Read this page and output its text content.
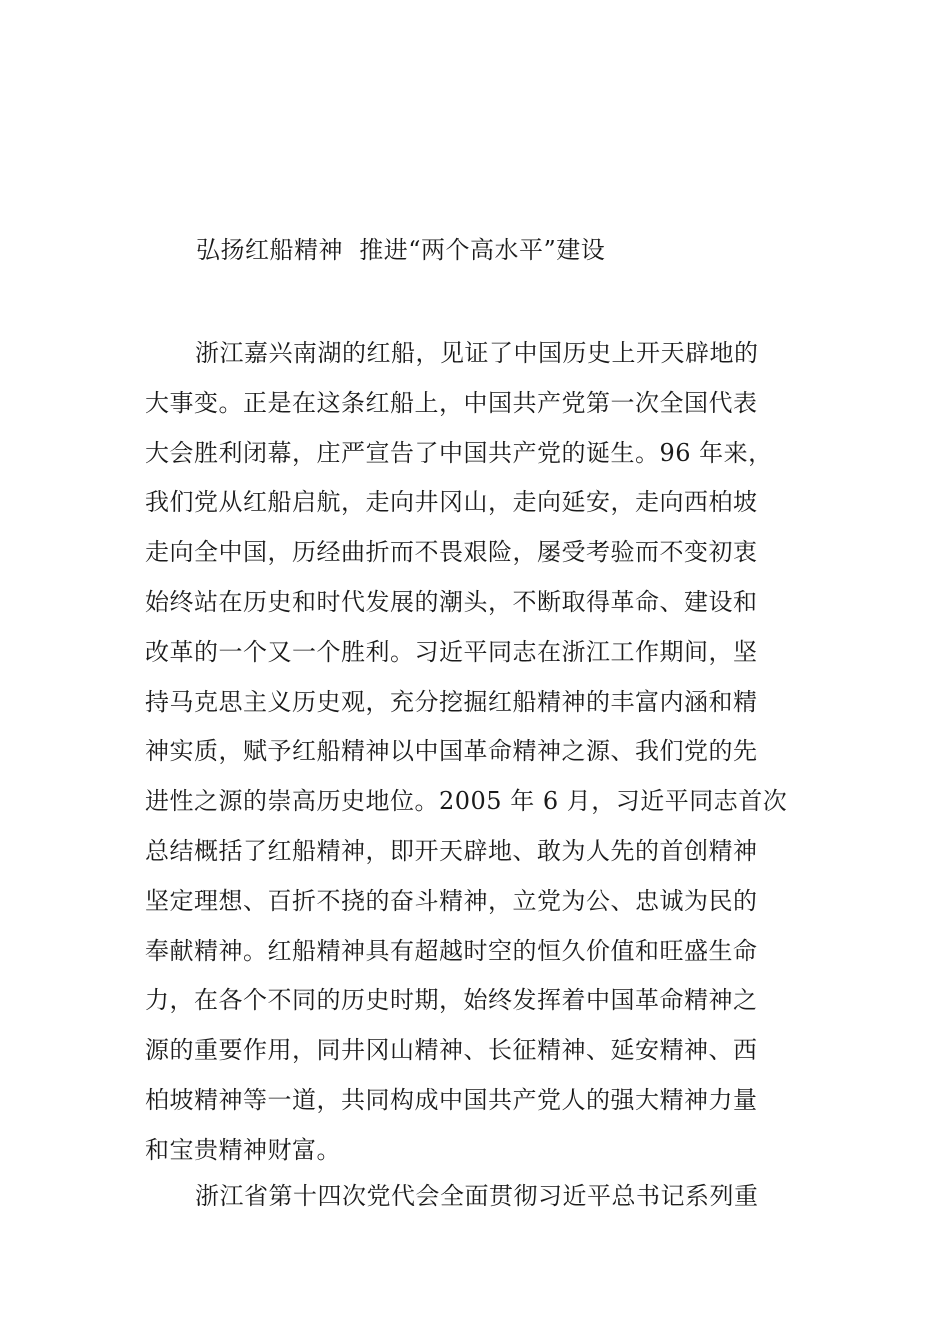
弘扬红船精神  推进“两个高水平”建设
浙江嘉兴南湖的红船，见证了中国历史上开天辟地的
大事变。正是在这条红船上，中国共产党第一次全国代表
大会胜利闭幕，庄严宣告了中国共产党的诞生。96 年来，
我们党从红船启航，走向井冈山，走向延安，走向西柏坡
走向全中国，历经曲折而不畏艰险，屡受考验而不变初衷
始终站在历史和时代发展的潮头，不断取得革命、建设和
改革的一个又一个胜利。习近平同志在浙江工作期间，坚
持马克思主义历史观，充分挖掘红船精神的丰富内涵和精
神实质，赋予红船精神以中国革命精神之源、我们党的先
进性之源的崇高历史地位。2005 年 6 月，习近平同志首次
总结概括了红船精神，即开天辟地、敢为人先的首创精神
坚定理想、百折不挠的奋斗精神，立党为公、忠诚为民的
奉献精神。红船精神具有超越时空的恒久价值和旺盛生命
力，在各个不同的历史时期，始终发挥着中国革命精神之
源的重要作用，同井冈山精神、长征精神、延安精神、西
柏坡精神等一道，共同构成中国共产党人的强大精神力量
和宝贵精神财富。
浙江省第十四次党代会全面贯彻习近平总书记系列重
